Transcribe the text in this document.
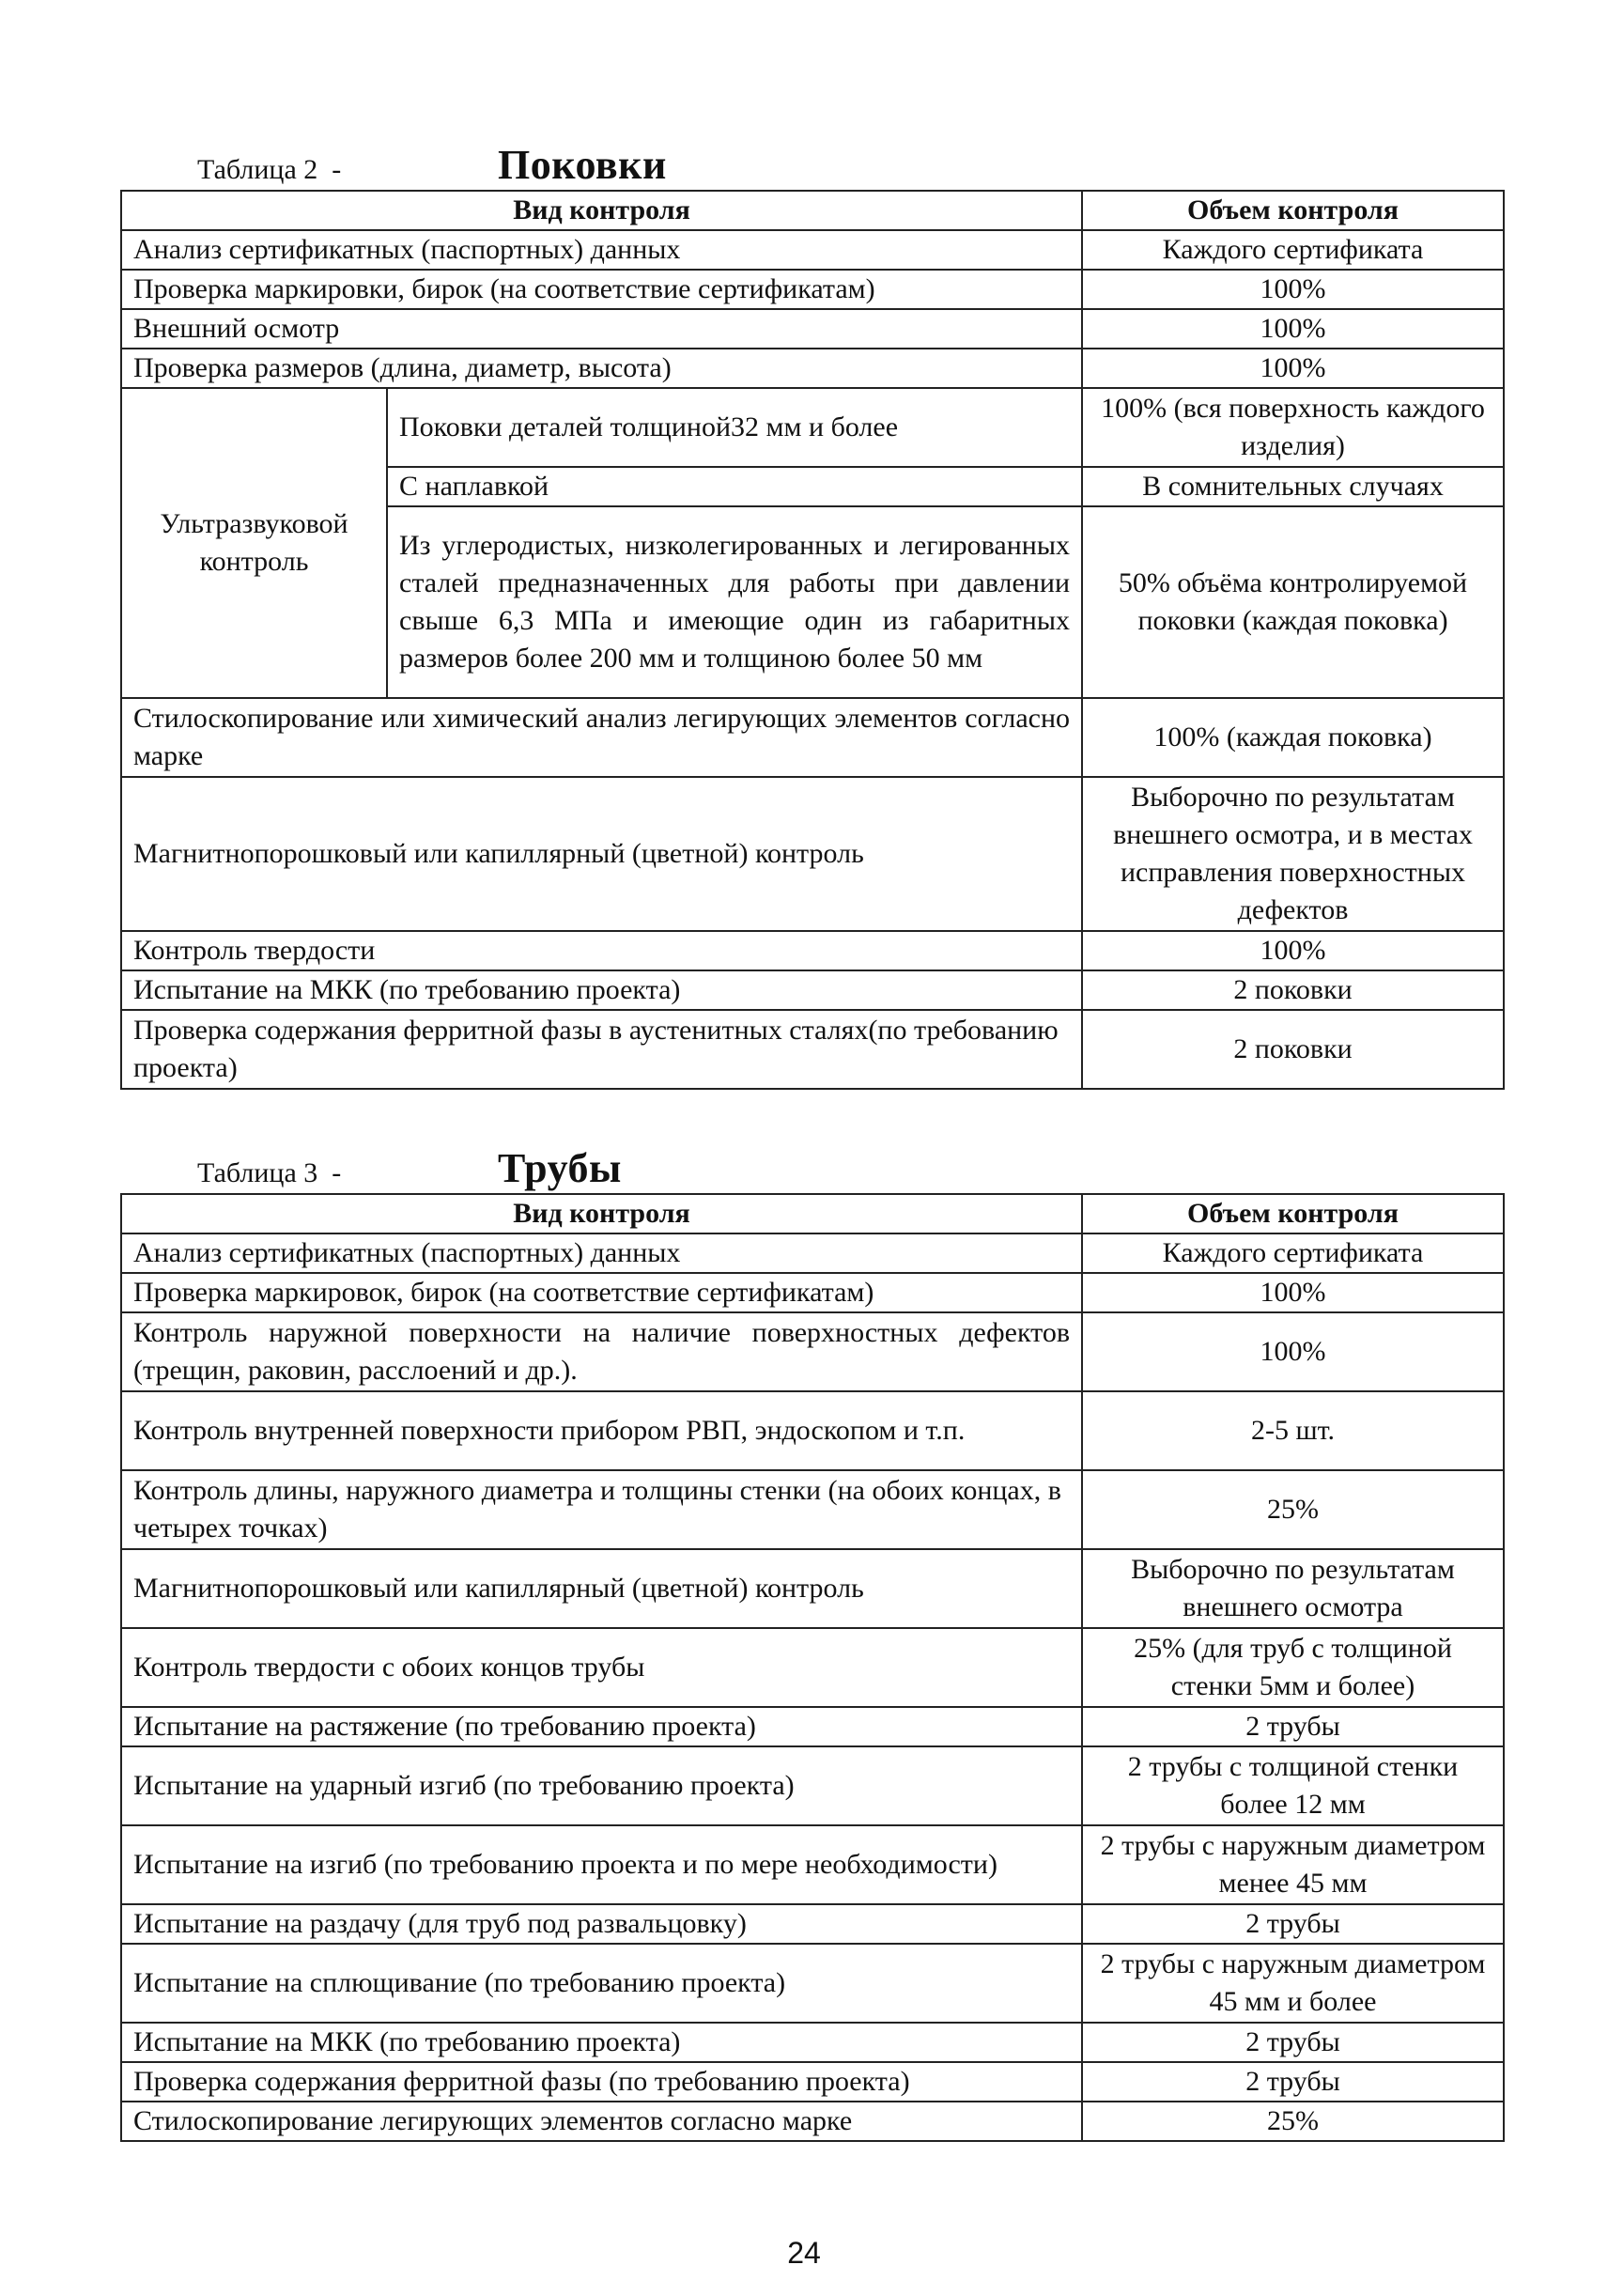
Таблица 2  -	Поковки
Вид контроля		Объем контроля
Анализ сертификатных (паспортных) данных		Каждого сертификата
Проверка маркировки, бирок (на соответствие сертификатам)		100%
Внешний осмотр		100%
Проверка размеров (длина, диаметр, высота)		100%
Ультразвуковой контроль	Поковки деталей толщиной32 мм и более	100% (вся поверхность каждого изделия)
	С наплавкой	В сомнительных случаях
	Из углеродистых, низколегированных и легированных сталей предназначенных для работы при давлении свыше 6,3 МПа и имеющие один из габаритных размеров более 200 мм и толщиною более 50 мм	50% объёма контролируемой поковки (каждая поковка)
Стилоскопирование или химический анализ легирующих элементов согласно марке		100% (каждая поковка)
Магнитнопорошковый или капиллярный (цветной) контроль		Выборочно по результатам внешнего осмотра, и в местах исправления поверхностных дефектов
Контроль твердости		100%
Испытание на МКК (по требованию проекта)		2 поковки
Проверка содержания ферритной фазы в аустенитных сталях(по требованию проекта)		2 поковки
Таблица 3  -	Трубы
Вид контроля	Объем контроля
Анализ сертификатных (паспортных) данных	Каждого сертификата
Проверка маркировок, бирок (на соответствие сертификатам)	100%
Контроль наружной поверхности на наличие поверхностных дефектов (трещин, раковин, расслоений и др.).	100%
Контроль внутренней поверхности прибором РВП, эндоскопом и т.п.	2-5 шт.
Контроль длины, наружного диаметра и толщины стенки (на обоих концах, в четырех точках)	25%
Магнитнопорошковый или капиллярный (цветной) контроль	Выборочно по результатам внешнего осмотра
Контроль твердости с обоих концов трубы	25% (для труб с толщиной стенки 5мм и более)
Испытание на растяжение (по требованию проекта)	2 трубы
Испытание на ударный изгиб (по требованию проекта)	2 трубы с толщиной стенки более 12 мм
Испытание на изгиб (по требованию проекта и по мере необходимости)	2 трубы с наружным диаметром менее 45 мм
Испытание на раздачу (для труб под развальцовку)	2 трубы
Испытание на сплющивание (по требованию проекта)	2 трубы с наружным диаметром 45 мм и более
Испытание на МКК (по требованию проекта)	2 трубы
Проверка содержания ферритной фазы (по требованию проекта)	2 трубы
Стилоскопирование легирующих элементов согласно марке	25%
24
